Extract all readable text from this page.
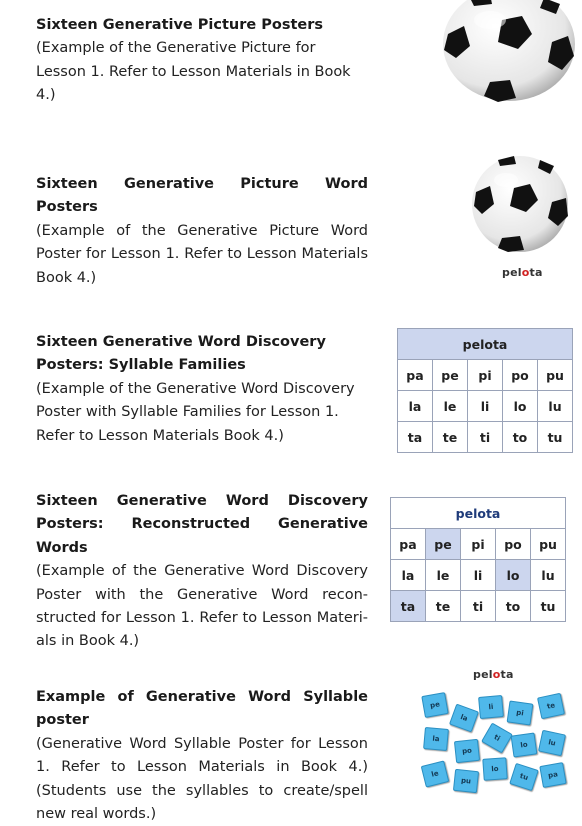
Sixteen Generative Picture Posters (Example of the Generative Picture for Lesson 1. Refer to Lesson Materials in Book 4.)

Sixteen Generative Picture Word Posters
(Example of the Generative Picture Word Poster for Lesson 1. Refer to Lesson Materials Book 4.)	pelota

Sixteen Generative Word Discovery Posters: Syllable Families
(Example of the Generative Word Discovery Poster with Syllable Families for Lesson 1. Refer to Lesson Materials Book 4.)

pelota				
pa	pe	pi	po	pu
la	le	li	lo	lu
ta	te	ti	to	tu

Sixteen Generative Word Discovery Posters: Reconstructed Generative Words
(Example of the Generative Word Discovery Poster with the Generative Word recon-structed for Lesson 1. Refer to Lesson Materi-als in Book 4.)

pelota				
pa	pe	pi	po	pu
la	le	li	lo	lu
ta	te	ti	to	tu

Example of Generative Word Syllable poster
(Generative Word Syllable Poster for Lesson 1. Refer to Lesson Materials in Book 4.)(Students use the syllables to create/spell new real words.)

pelota
pe
la
li
pi
te
la
po
ti
lo	lu
le
pu
lo
tu	pa
